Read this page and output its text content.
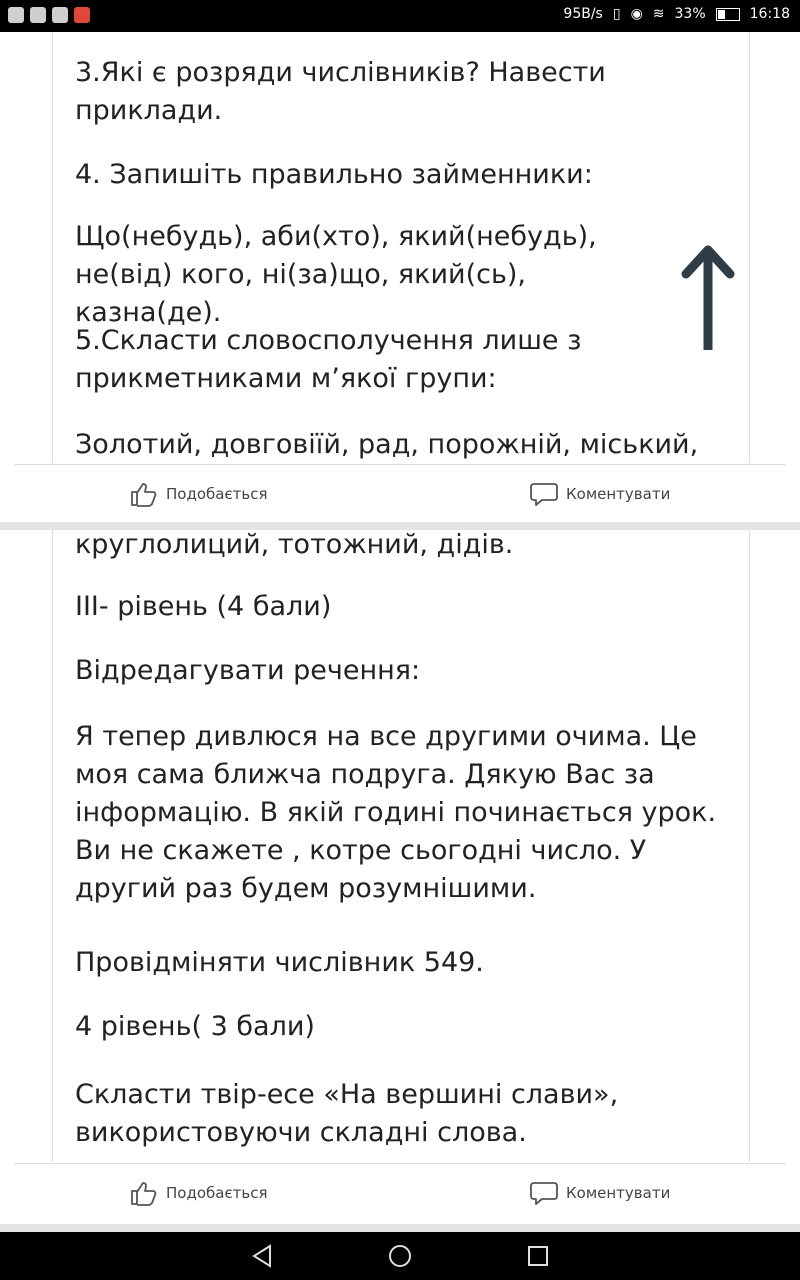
95B/s ▯ ◉ ≋ 33%	16:18

3.Які є розряди числівників? Навести приклади.

4. Запишіть правильно займенники:

Що(небудь), аби(хто), який(небудь), не(від) кого, ні(за)що, який(сь), казна(де).

5.Скласти словосполучення лише з прикметниками м’якої групи:

Золотий, довговіїй, рад, порожній, міський,

Подобається	Коментувати

круглолиций, тотожний, дідів.

ІІІ- рівень (4 бали)

Відредагувати речення:

Я тепер дивлюся на все другими очима. Це моя сама ближча подруга. Дякую Вас за інформацію. В якій годині починається урок. Ви не скажете , котре сьогодні число. У другий раз будем розумнішими.

Провідміняти числівник 549.

4 рівень( 3 бали)

Скласти твір-есе «На вершині слави», використовуючи складні слова.

Подобається	Коментувати
